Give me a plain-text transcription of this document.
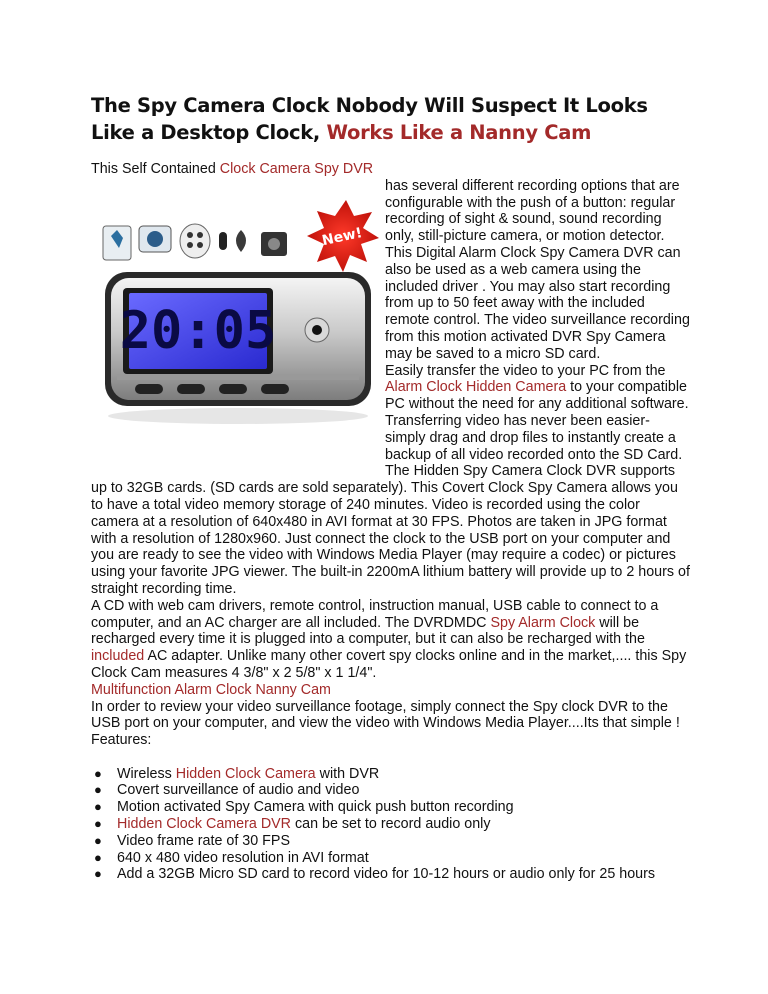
The Spy Camera Clock Nobody Will Suspect It Looks Like a Desktop Clock, Works Like a Nanny Cam

This Self Contained Clock Camera Spy DVR

New!
20:05

has several different recording options that are configurable with the push of a button: regular recording of sight & sound, sound recording only, still-picture camera, or motion detector. This Digital Alarm Clock Spy Camera DVR can also be used as a web camera using the included driver . You may also start recording from up to 50 feet away with the included remote control. The video surveillance recording from this motion activated DVR Spy Camera may be saved to a micro SD card.

Easily transfer the video to your PC from the Alarm Clock Hidden Camera to your compatible PC without the need for any additional software. Transferring video has never been easier- simply drag and drop files to instantly create a backup of all video recorded onto the SD Card. The Hidden Spy Camera Clock DVR supports up to 32GB cards. (SD cards are sold separately). This Covert Clock Spy Camera allows you to have a total video memory storage of 240 minutes. Video is recorded using the color camera at a resolution of 640x480 in AVI format at 30 FPS. Photos are taken in JPG format with a resolution of 1280x960. Just connect the clock to the USB port on your computer and you are ready to see the video with Windows Media Player (may require a codec) or pictures using your favorite JPG viewer. The built-in 2200mA lithium battery will provide up to 2 hours of straight recording time.

A CD with web cam drivers, remote control, instruction manual, USB cable to connect to a computer, and an AC charger are all included. The DVRDMDC Spy Alarm Clock will be recharged every time it is plugged into a computer, but it can also be recharged with the included AC adapter. Unlike many other covert spy clocks online and in the market,.... this Spy Clock Cam measures 4 3/8" x 2 5/8" x 1 1/4".

Multifunction Alarm Clock Nanny Cam

In order to review your video surveillance footage, simply connect the Spy clock DVR to the USB port on your computer, and view the video with Windows Media Player....Its that simple !

Features:

● Wireless Hidden Clock Camera with DVR
● Covert surveillance of audio and video
● Motion activated Spy Camera with quick push button recording
● Hidden Clock Camera DVR can be set to record audio only
● Video frame rate of 30 FPS
● 640 x 480 video resolution in AVI format
● Add a 32GB Micro SD card to record video for 10-12 hours or audio only for 25 hours
